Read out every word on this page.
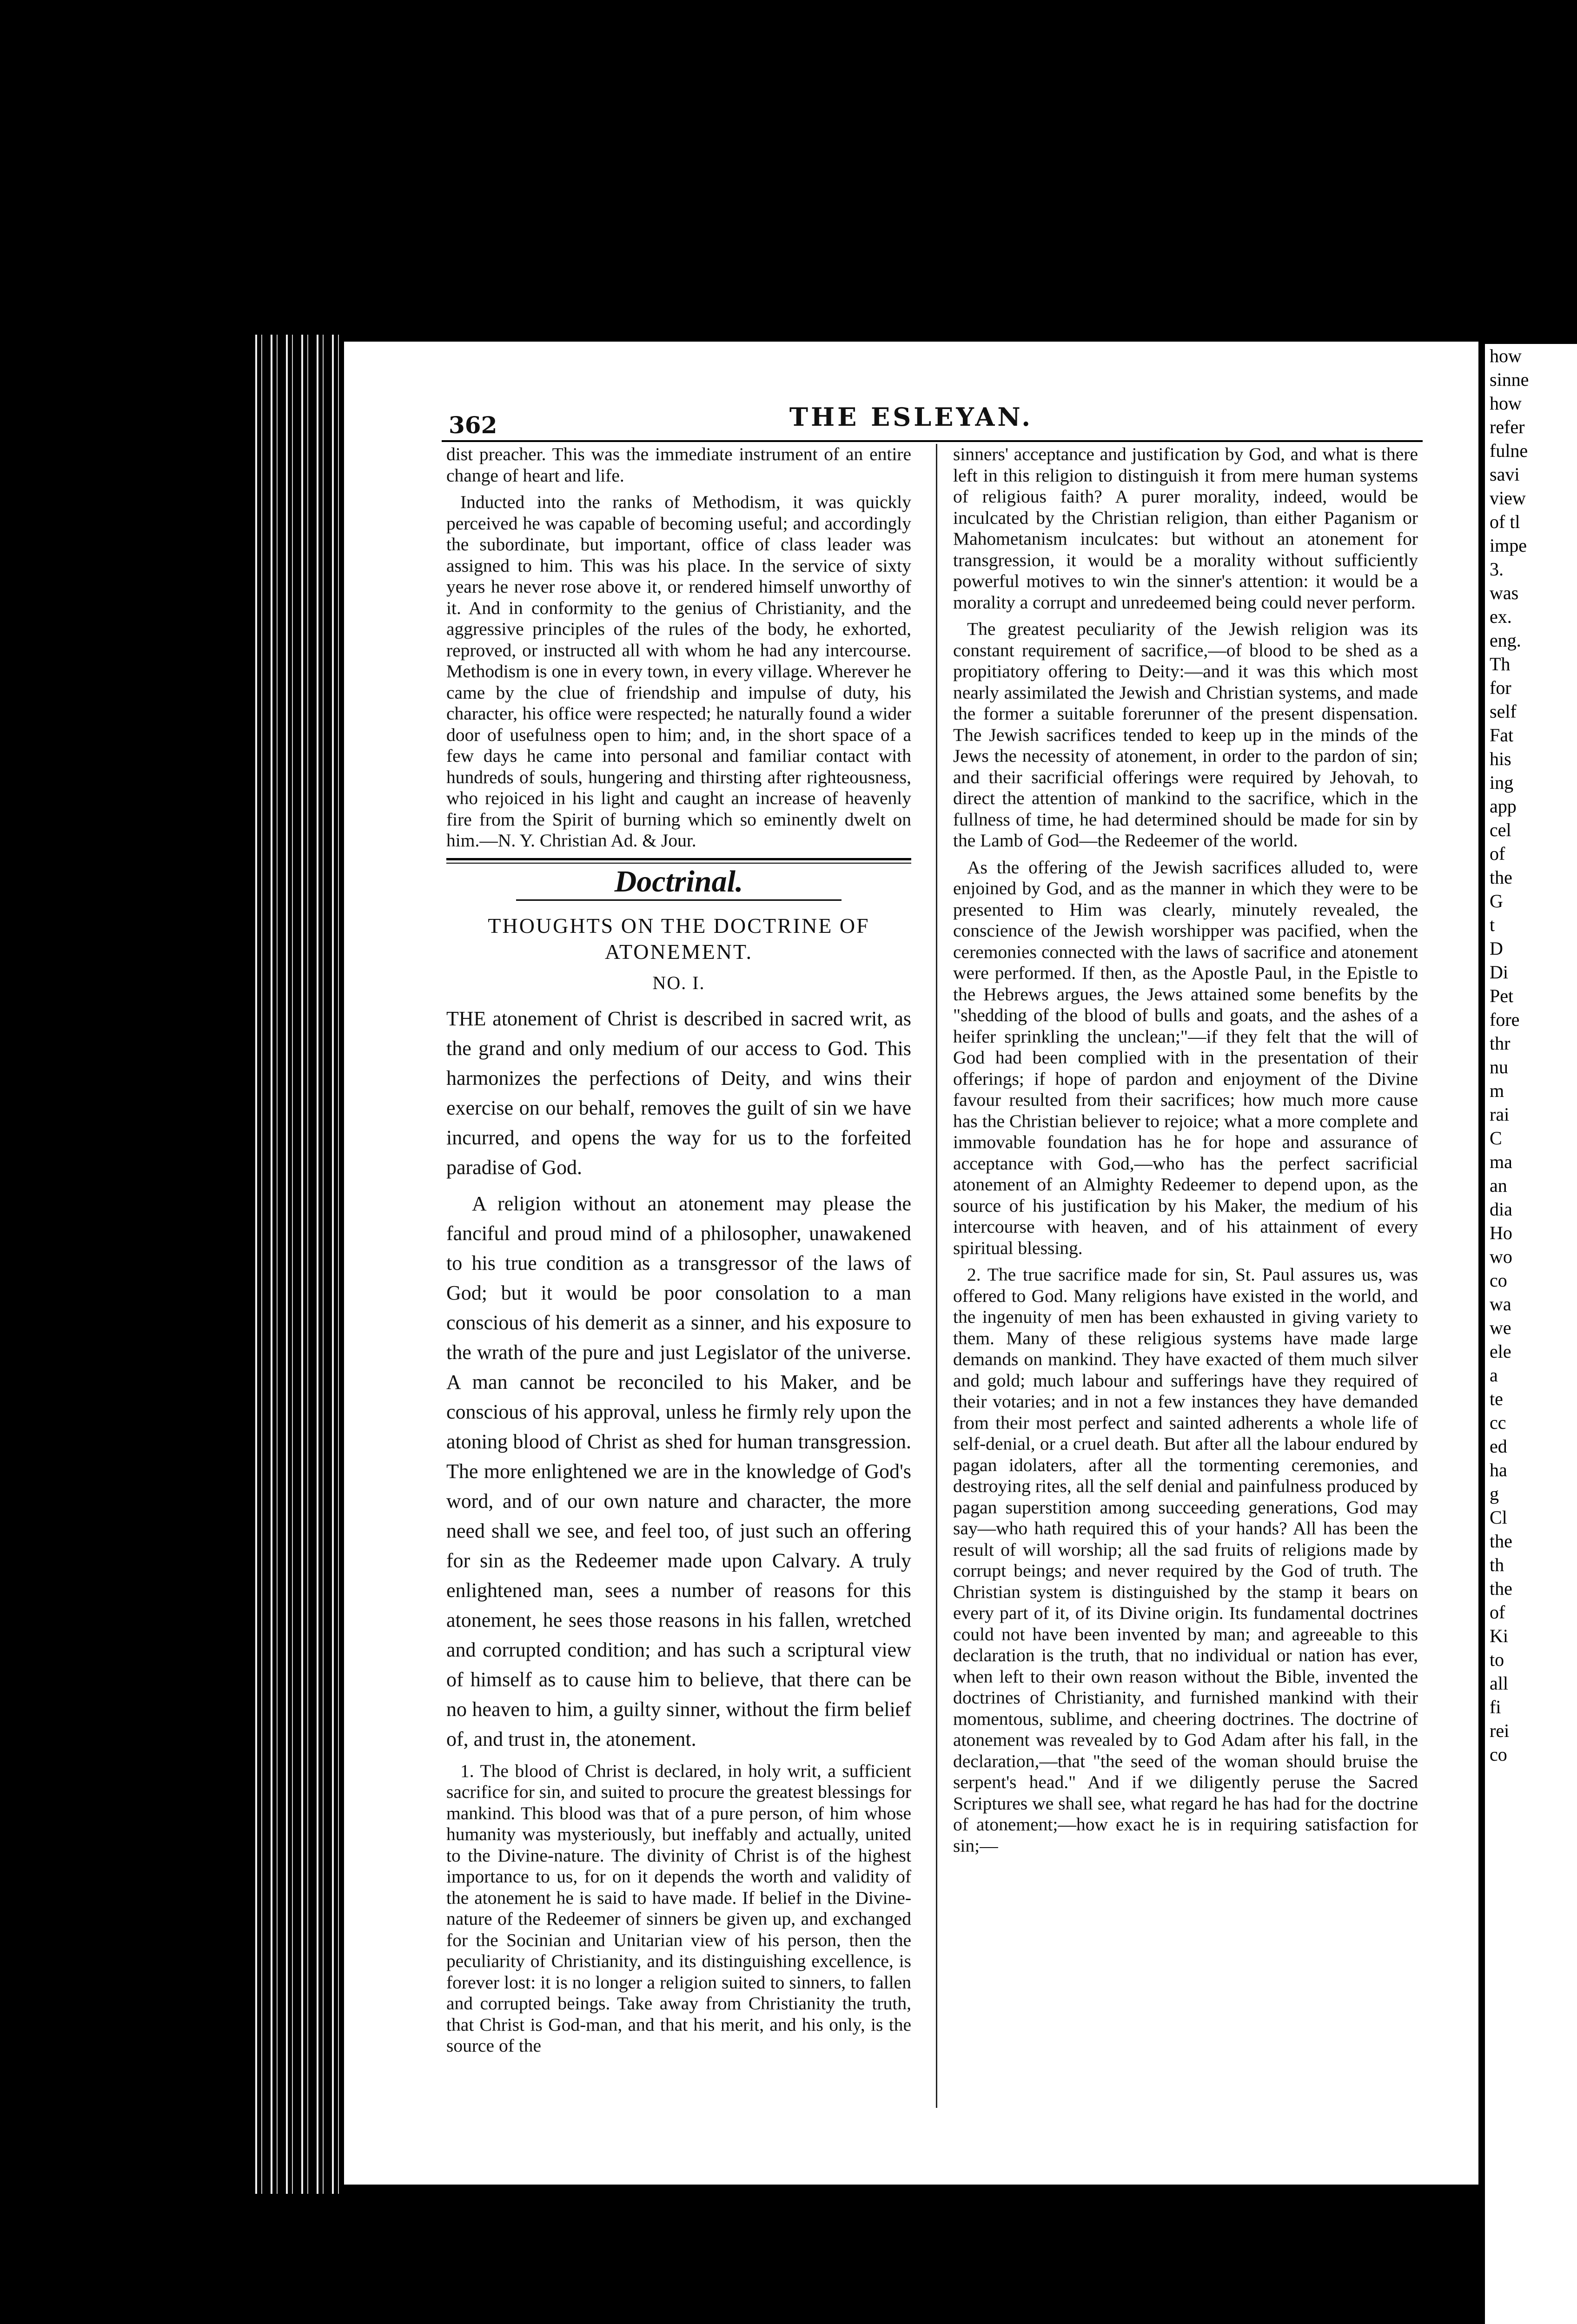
362	THE ESLEYAN.

dist preacher. This was the immediate instrument of an entire change of heart and life.

Inducted into the ranks of Methodism, it was quickly perceived he was capable of becoming useful; and accordingly the subordinate, but important, office of class leader was assigned to him. This was his place. In the service of sixty years he never rose above it, or rendered himself unworthy of it. And in conformity to the genius of Christianity, and the aggressive principles of the rules of the body, he exhorted, reproved, or instructed all with whom he had any intercourse. Methodism is one in every town, in every village. Wherever he came by the clue of friendship and impulse of duty, his character, his office were respected; he naturally found a wider door of usefulness open to him; and, in the short space of a few days he came into personal and familiar contact with hundreds of souls, hungering and thirsting after righteousness, who rejoiced in his light and caught an increase of heavenly fire from the Spirit of burning which so eminently dwelt on him.—N. Y. Christian Ad. & Jour.

Doctrinal.
THOUGHTS ON THE DOCTRINE OF ATONEMENT.
NO. I.

THE atonement of Christ is described in sacred writ, as the grand and only medium of our access to God. This harmonizes the perfections of Deity, and wins their exercise on our behalf, removes the guilt of sin we have incurred, and opens the way for us to the forfeited paradise of God.

A religion without an atonement may please the fanciful and proud mind of a philosopher, unawakened to his true condition as a transgressor of the laws of God; but it would be poor consolation to a man conscious of his demerit as a sinner, and his exposure to the wrath of the pure and just Legislator of the universe. A man cannot be reconciled to his Maker, and be conscious of his approval, unless he firmly rely upon the atoning blood of Christ as shed for human transgression. The more enlightened we are in the knowledge of God's word, and of our own nature and character, the more need shall we see, and feel too, of just such an offering for sin as the Redeemer made upon Calvary. A truly enlightened man, sees a number of reasons for this atonement, he sees those reasons in his fallen, wretched and corrupted condition; and has such a scriptural view of himself as to cause him to believe, that there can be no heaven to him, a guilty sinner, without the firm belief of, and trust in, the atonement.

1. The blood of Christ is declared, in holy writ, a sufficient sacrifice for sin, and suited to procure the greatest blessings for mankind. This blood was that of a pure person, of him whose humanity was mysteriously, but ineffably and actually, united to the Divine-nature. The divinity of Christ is of the highest importance to us, for on it depends the worth and validity of the atonement he is said to have made. If belief in the Divine-nature of the Redeemer of sinners be given up, and exchanged for the Socinian and Unitarian view of his person, then the peculiarity of Christianity, and its distinguishing excellence, is forever lost: it is no longer a religion suited to sinners, to fallen and corrupted beings. Take away from Christianity the truth, that Christ is God-man, and that his merit, and his only, is the source of the

sinners' acceptance and justification by God, and what is there left in this religion to distinguish it from mere human systems of religious faith? A purer morality, indeed, would be inculcated by the Christian religion, than either Paganism or Mahometanism inculcates: but without an atonement for transgression, it would be a morality without sufficiently powerful motives to win the sinner's attention: it would be a morality a corrupt and unredeemed being could never perform.

The greatest peculiarity of the Jewish religion was its constant requirement of sacrifice,—of blood to be shed as a propitiatory offering to Deity:—and it was this which most nearly assimilated the Jewish and Christian systems, and made the former a suitable forerunner of the present dispensation. The Jewish sacrifices tended to keep up in the minds of the Jews the necessity of atonement, in order to the pardon of sin; and their sacrificial offerings were required by Jehovah, to direct the attention of mankind to the sacrifice, which in the fullness of time, he had determined should be made for sin by the Lamb of God—the Redeemer of the world.

As the offering of the Jewish sacrifices alluded to, were enjoined by God, and as the manner in which they were to be presented to Him was clearly, minutely revealed, the conscience of the Jewish worshipper was pacified, when the ceremonies connected with the laws of sacrifice and atonement were performed. If then, as the Apostle Paul, in the Epistle to the Hebrews argues, the Jews attained some benefits by the "shedding of the blood of bulls and goats, and the ashes of a heifer sprinkling the unclean;"—if they felt that the will of God had been complied with in the presentation of their offerings; if hope of pardon and enjoyment of the Divine favour resulted from their sacrifices; how much more cause has the Christian believer to rejoice; what a more complete and immovable foundation has he for hope and assurance of acceptance with God,—who has the perfect sacrificial atonement of an Almighty Redeemer to depend upon, as the source of his justification by his Maker, the medium of his intercourse with heaven, and of his attainment of every spiritual blessing.

2. The true sacrifice made for sin, St. Paul assures us, was offered to God. Many religions have existed in the world, and the ingenuity of men has been exhausted in giving variety to them. Many of these religious systems have made large demands on mankind. They have exacted of them much silver and gold; much labour and sufferings have they required of their votaries; and in not a few instances they have demanded from their most perfect and sainted adherents a whole life of self-denial, or a cruel death. But after all the labour endured by pagan idolaters, after all the tormenting ceremonies, and destroying rites, all the self denial and painfulness produced by pagan superstition among succeeding generations, God may say—who hath required this of your hands? All has been the result of will worship; all the sad fruits of religions made by corrupt beings; and never required by the God of truth. The Christian system is distinguished by the stamp it bears on every part of it, of its Divine origin. Its fundamental doctrines could not have been invented by man; and agreeable to this declaration is the truth, that no individual or nation has ever, when left to their own reason without the Bible, invented the doctrines of Christianity, and furnished mankind with their momentous, sublime, and cheering doctrines. The doctrine of atonement was revealed by to God Adam after his fall, in the declaration,—that "the seed of the woman should bruise the serpent's head." And if we diligently peruse the Sacred Scriptures we shall see, what regard he has had for the doctrine of atonement;—how exact he is in requiring satisfaction for sin;—

how
sinne
how
refer
fulne
savi
view
of tl
impe
3.
was
ex.
eng.
Th
for
self
Fat
his
ing
app
cel
of
the
G
t
D
Di
Pet
fore
thr
nu
m
rai
C
ma
an
dia
Ho
wo
co
wa
we
ele
a
te
cc
ed
ha
g
Cl
the
th
the
of
Ki
to
all
fi
rei
co
